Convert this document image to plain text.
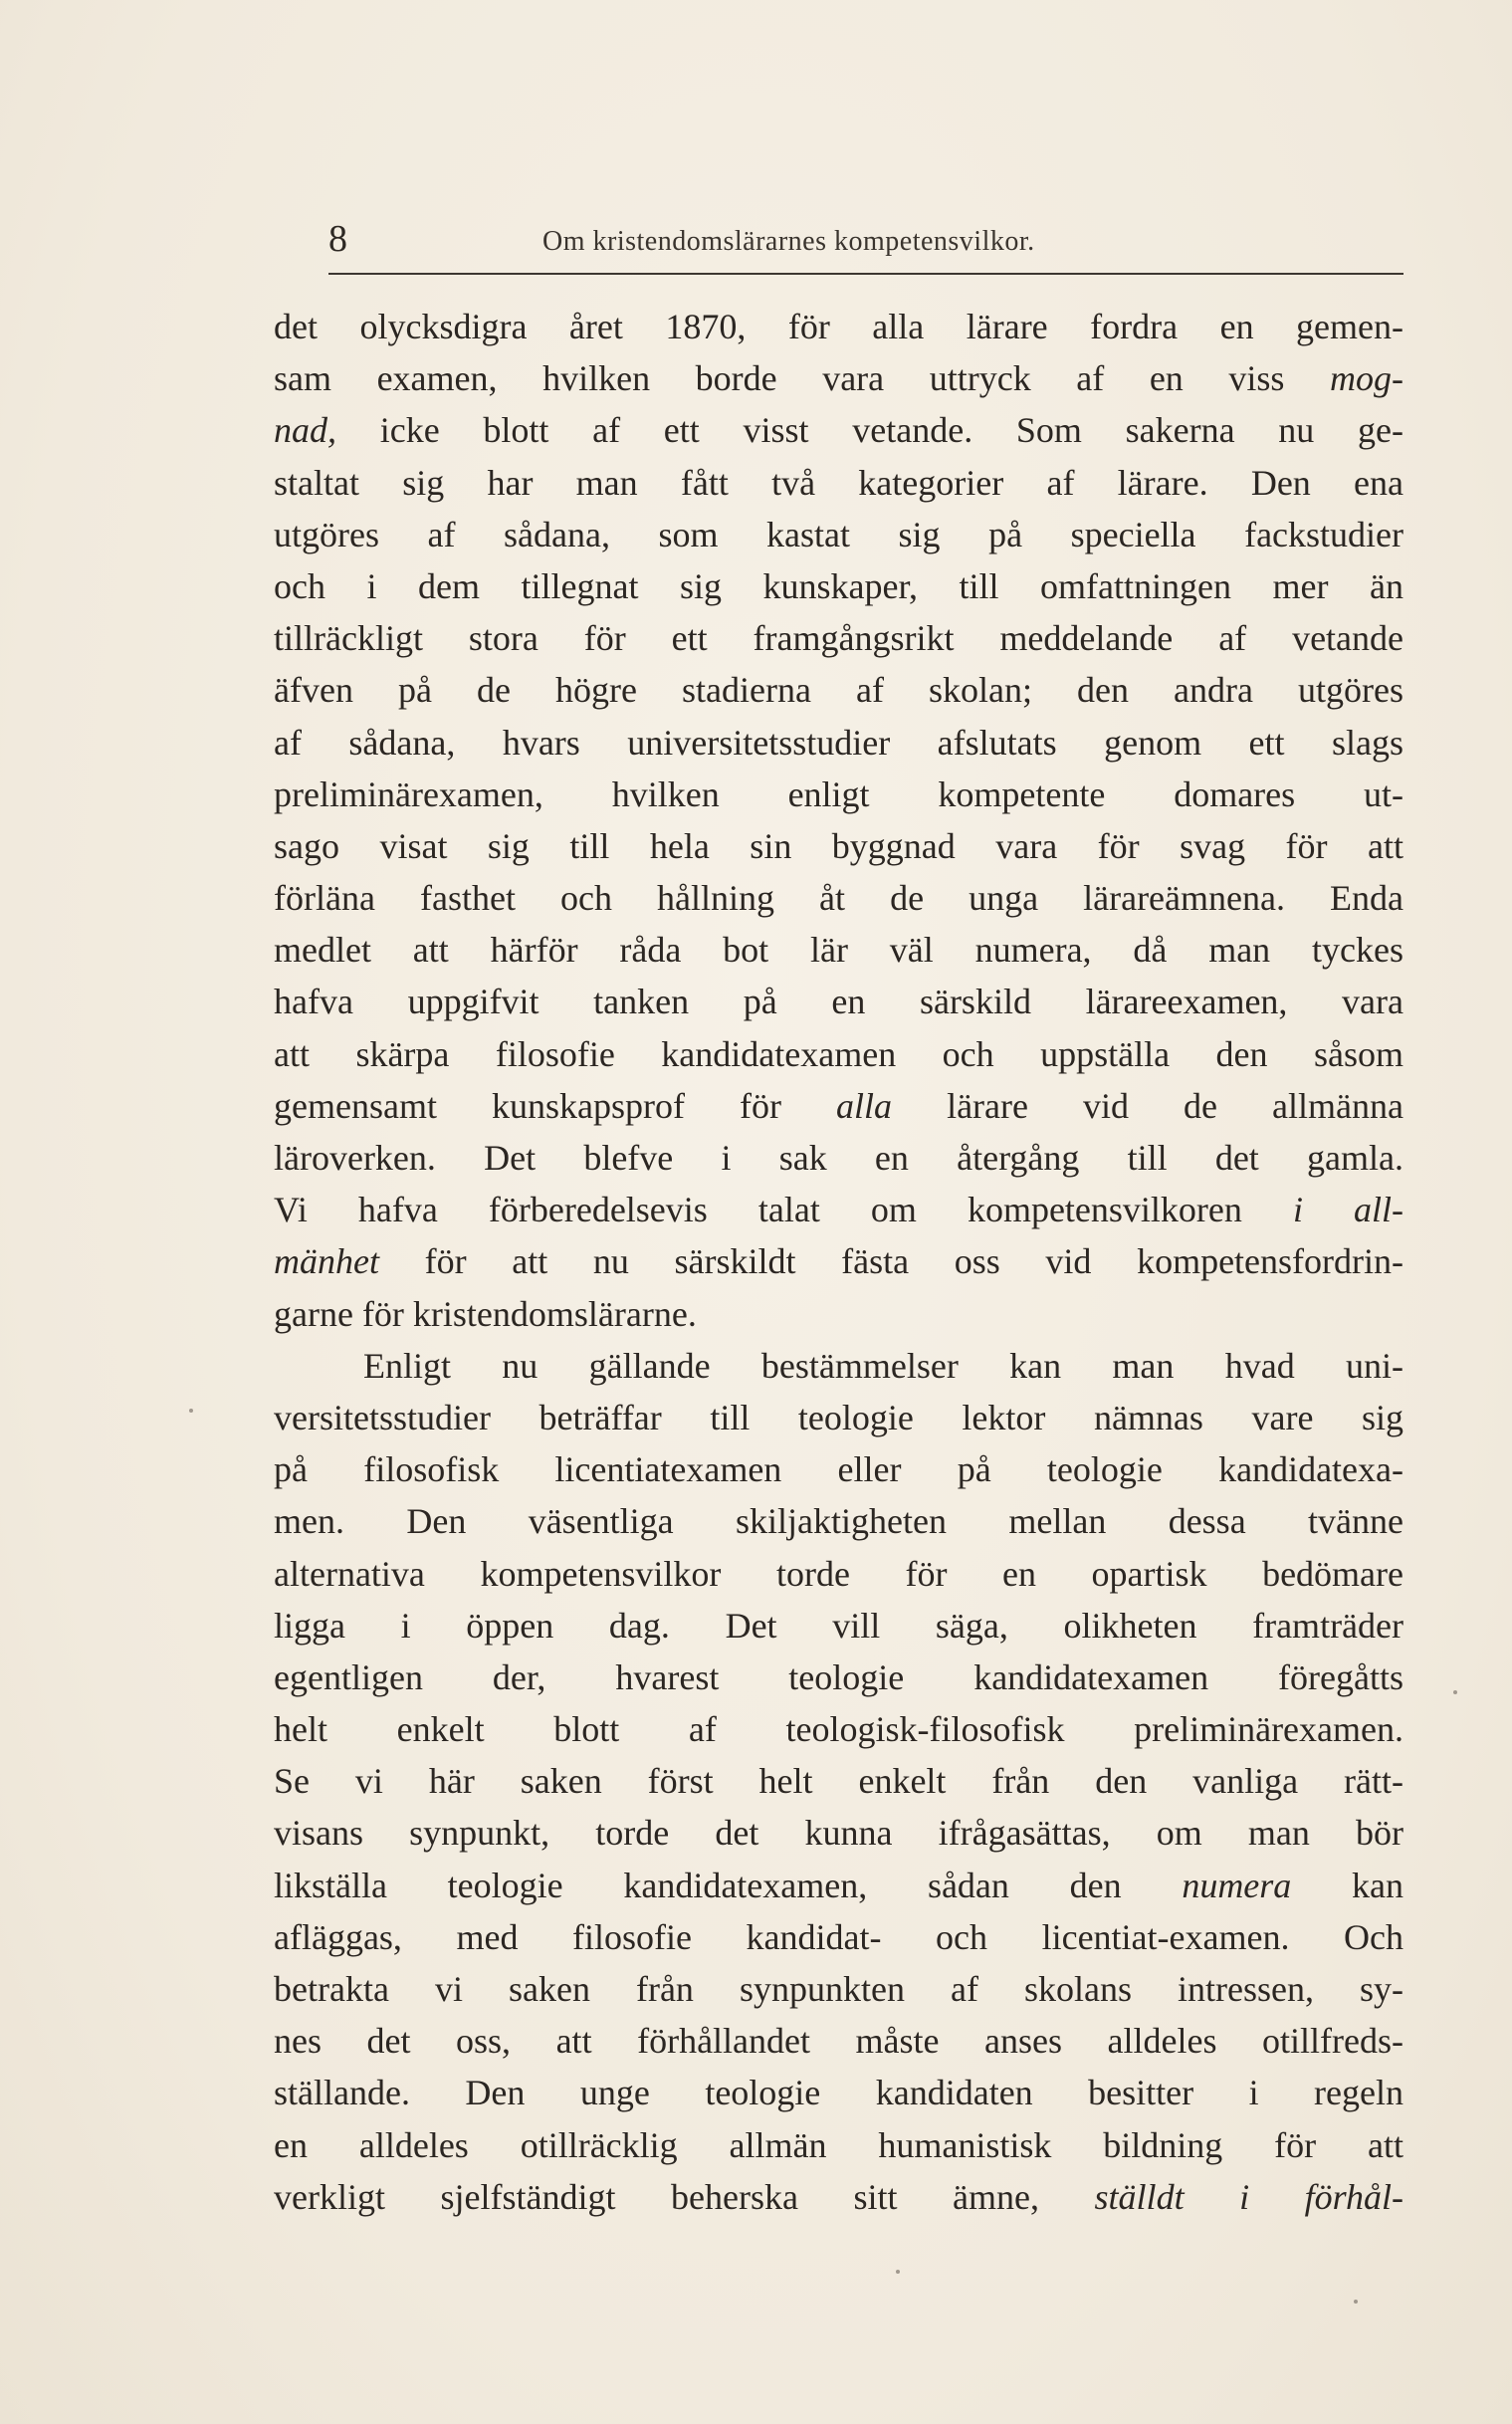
8	Om kristendomslärarnes kompetensvilkor.
det olycksdigra året 1870, för alla lärare fordra en gemen-
sam examen, hvilken borde vara uttryck af en viss mog-
nad, icke blott af ett visst vetande. Som sakerna nu ge-
staltat sig har man fått två kategorier af lärare. Den ena
utgöres af sådana, som kastat sig på speciella fackstudier
och i dem tillegnat sig kunskaper, till omfattningen mer än
tillräckligt stora för ett framgångsrikt meddelande af vetande
äfven på de högre stadierna af skolan; den andra utgöres
af sådana, hvars universitetsstudier afslutats genom ett slags
preliminärexamen, hvilken enligt kompetente domares ut-
sago visat sig till hela sin byggnad vara för svag för att
förläna fasthet och hållning åt de unga lärareämnena. Enda
medlet att härför råda bot lär väl numera, då man tyckes
hafva uppgifvit tanken på en särskild lärareexamen, vara
att skärpa filosofie kandidatexamen och uppställa den såsom
gemensamt kunskapsprof för alla lärare vid de allmänna
läroverken. Det blefve i sak en återgång till det gamla.
Vi hafva förberedelsevis talat om kompetensvilkoren i all-
mänhet för att nu särskildt fästa oss vid kompetensfordrin-
garne för kristendomslärarne.
Enligt nu gällande bestämmelser kan man hvad uni-
versitetsstudier beträffar till teologie lektor nämnas vare sig
på filosofisk licentiatexamen eller på teologie kandidatexa-
men. Den väsentliga skiljaktigheten mellan dessa tvänne
alternativa kompetensvilkor torde för en opartisk bedömare
ligga i öppen dag. Det vill säga, olikheten framträder
egentligen der, hvarest teologie kandidatexamen föregåtts
helt enkelt blott af teologisk-filosofisk preliminärexamen.
Se vi här saken först helt enkelt från den vanliga rätt-
visans synpunkt, torde det kunna ifrågasättas, om man bör
likställa teologie kandidatexamen, sådan den numera kan
afläggas, med filosofie kandidat- och licentiat-examen. Och
betrakta vi saken från synpunkten af skolans intressen, sy-
nes det oss, att förhållandet måste anses alldeles otillfreds-
ställande. Den unge teologie kandidaten besitter i regeln
en alldeles otillräcklig allmän humanistisk bildning för att
verkligt sjelfständigt beherska sitt ämne, ställdt i förhål-
